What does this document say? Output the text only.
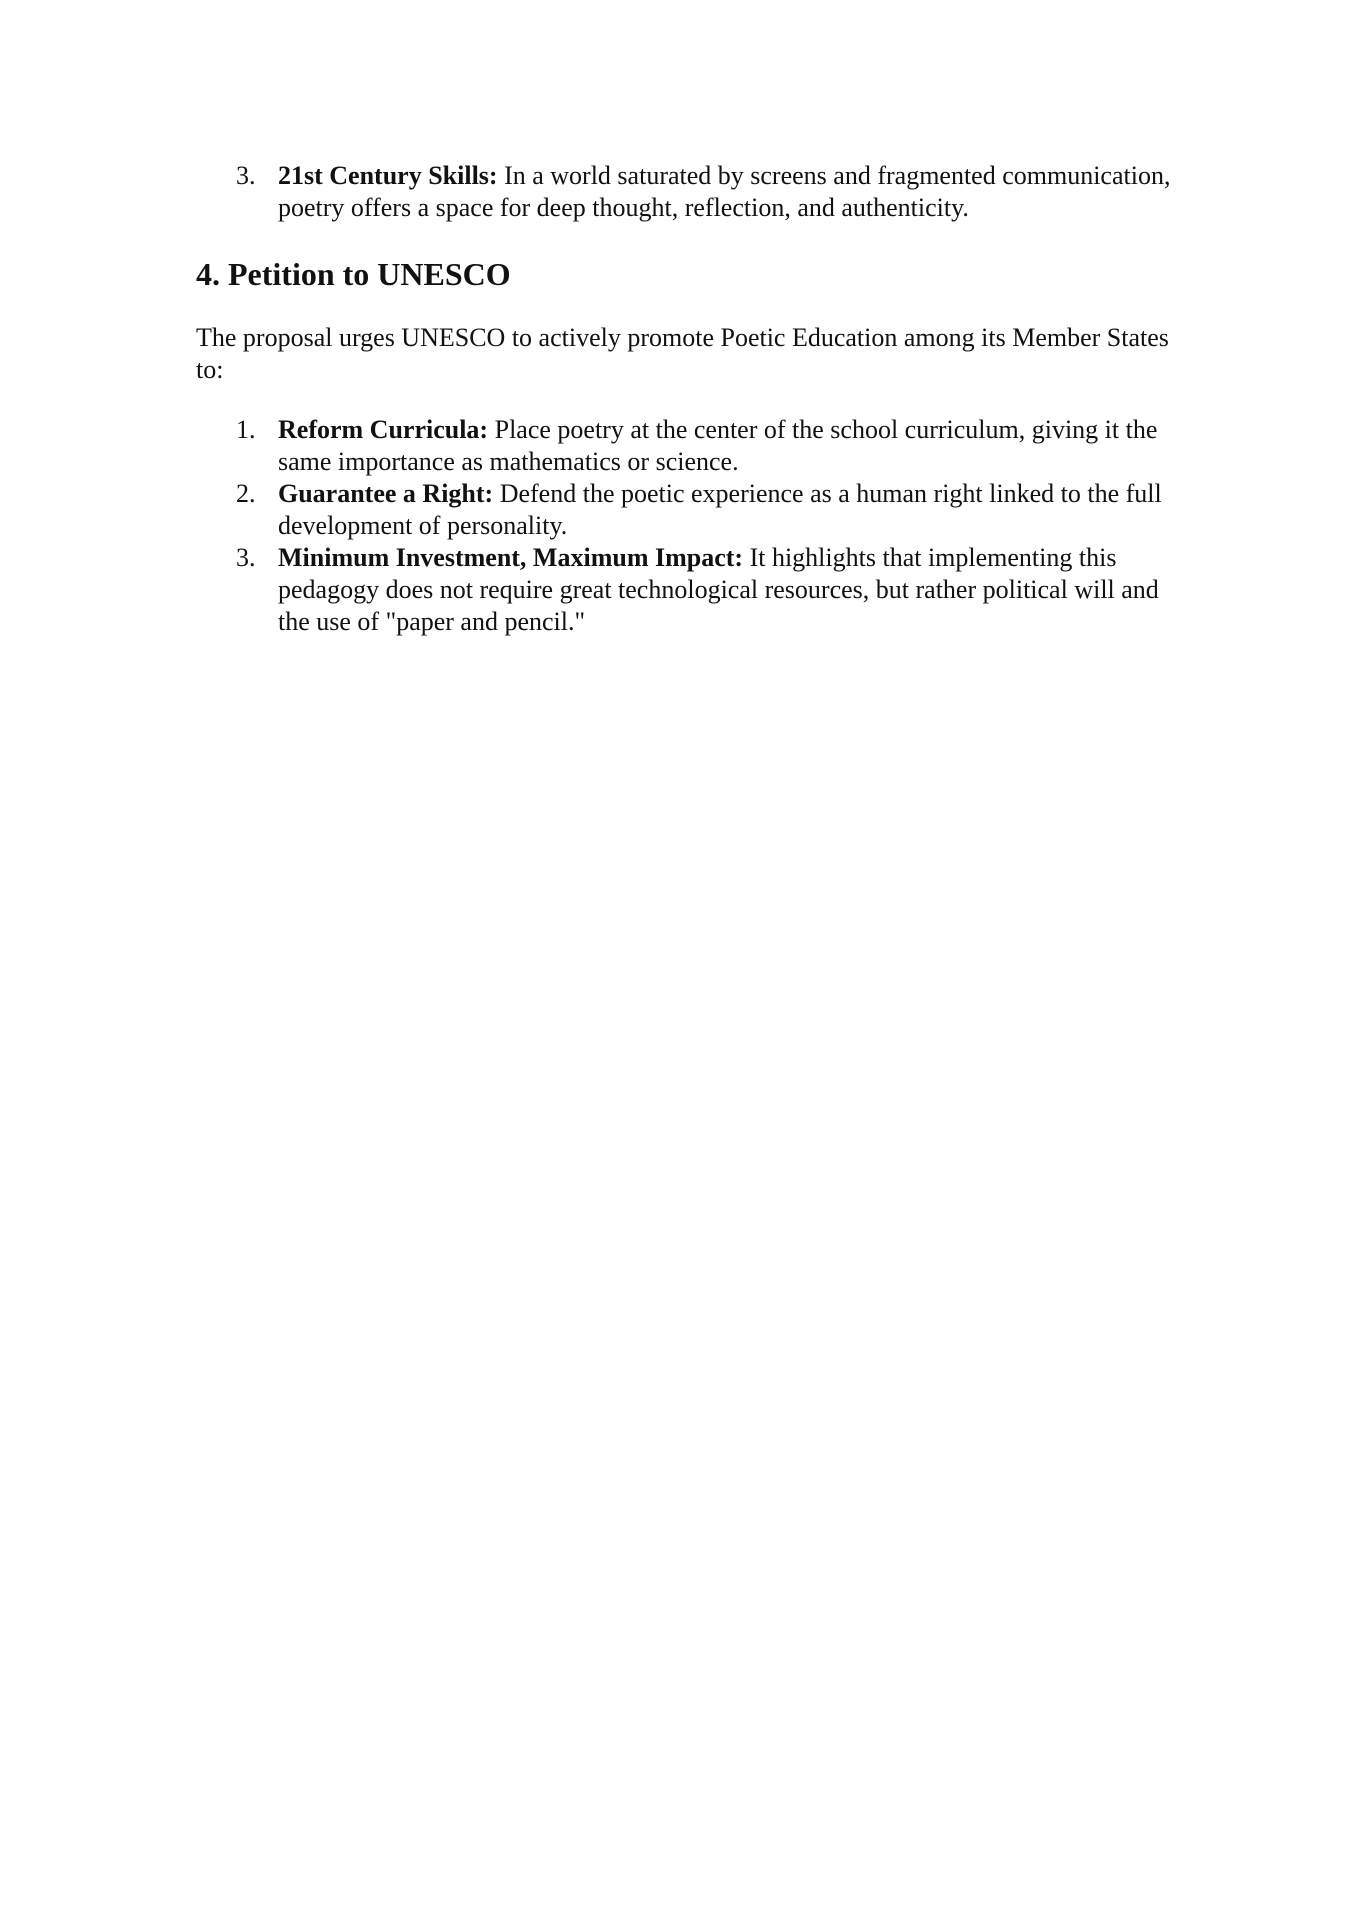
3. 21st Century Skills: In a world saturated by screens and fragmented communication, poetry offers a space for deep thought, reflection, and authenticity.
4. Petition to UNESCO

The proposal urges UNESCO to actively promote Poetic Education among its Member States to:

1. Reform Curricula: Place poetry at the center of the school curriculum, giving it the same importance as mathematics or science.
2. Guarantee a Right: Defend the poetic experience as a human right linked to the full development of personality.
3. Minimum Investment, Maximum Impact: It highlights that implementing this pedagogy does not require great technological resources, but rather political will and the use of "paper and pencil."
